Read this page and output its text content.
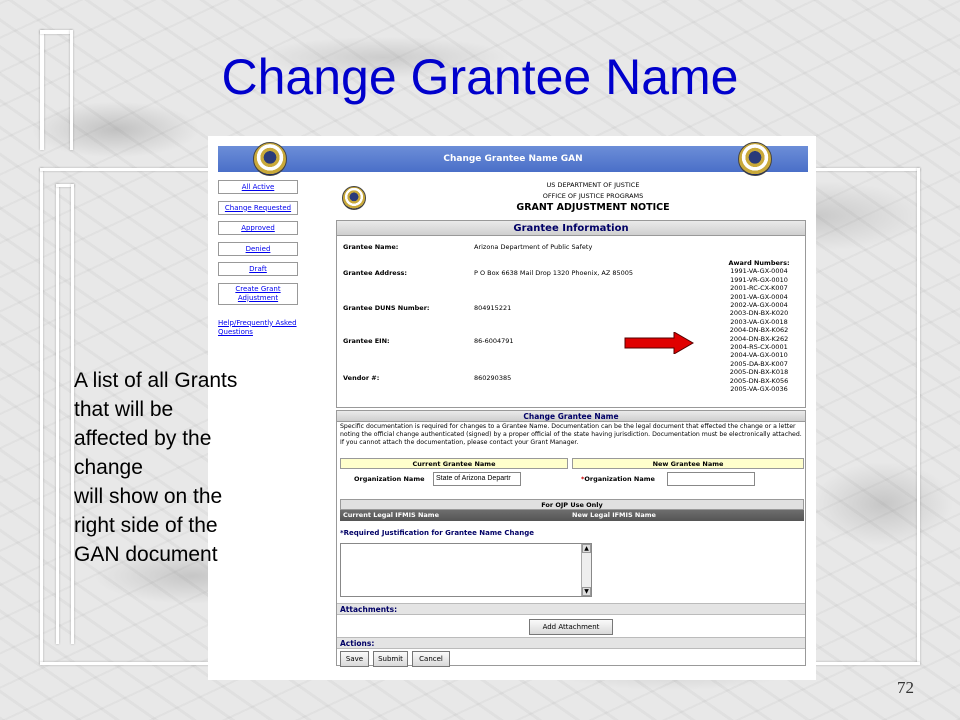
Change Grantee Name
Change Grantee Name GAN
All Active
Change Requested
Approved
Denied
Draft
Create Grant
Adjustment
Help/Frequently Asked
Questions
US DEPARTMENT OF JUSTICE
OFFICE OF JUSTICE PROGRAMS
GRANT ADJUSTMENT NOTICE
Grantee Information
Grantee Name:	Arizona Department of Public Safety
Grantee Address:	P O Box 6638 Mail Drop 1320 Phoenix, AZ 85005
Grantee DUNS Number:	804915221
Grantee EIN:	86-6004791
Vendor #:	860290385
Award Numbers:
1991-VA-GX-0004
1991-VR-GX-0010
2001-RC-CX-K007
2001-VA-GX-0004
2002-VA-GX-0004
2003-DN-BX-K020
2003-VA-GX-0018
2004-DN-BX-K062
2004-DN-BX-K262
2004-RS-CX-0001
2004-VA-GX-0010
2005-DA-BX-K007
2005-DN-BX-K018
2005-DN-BX-K056
2005-VA-GX-0036
Change Grantee Name
Specific documentation is required for changes to a Grantee Name. Documentation can be the legal document that effected the change or a letter noting the official change authenticated (signed) by a proper official of the state having jurisdiction. Documentation must be electronically attached. If you cannot attach the documentation, please contact your Grant Manager.
Current Grantee Name	New Grantee Name
Organization Name	State of Arizona Departr	*Organization Name
For OJP Use Only
Current Legal IFMIS Name	New Legal IFMIS Name
*Required Justification for Grantee Name Change
▲
▼
Attachments:
Add Attachment
Actions:
Save	Submit	Cancel
A list of all Grants
that will be
affected by the
change
will show on the
right side of the
GAN document
72
